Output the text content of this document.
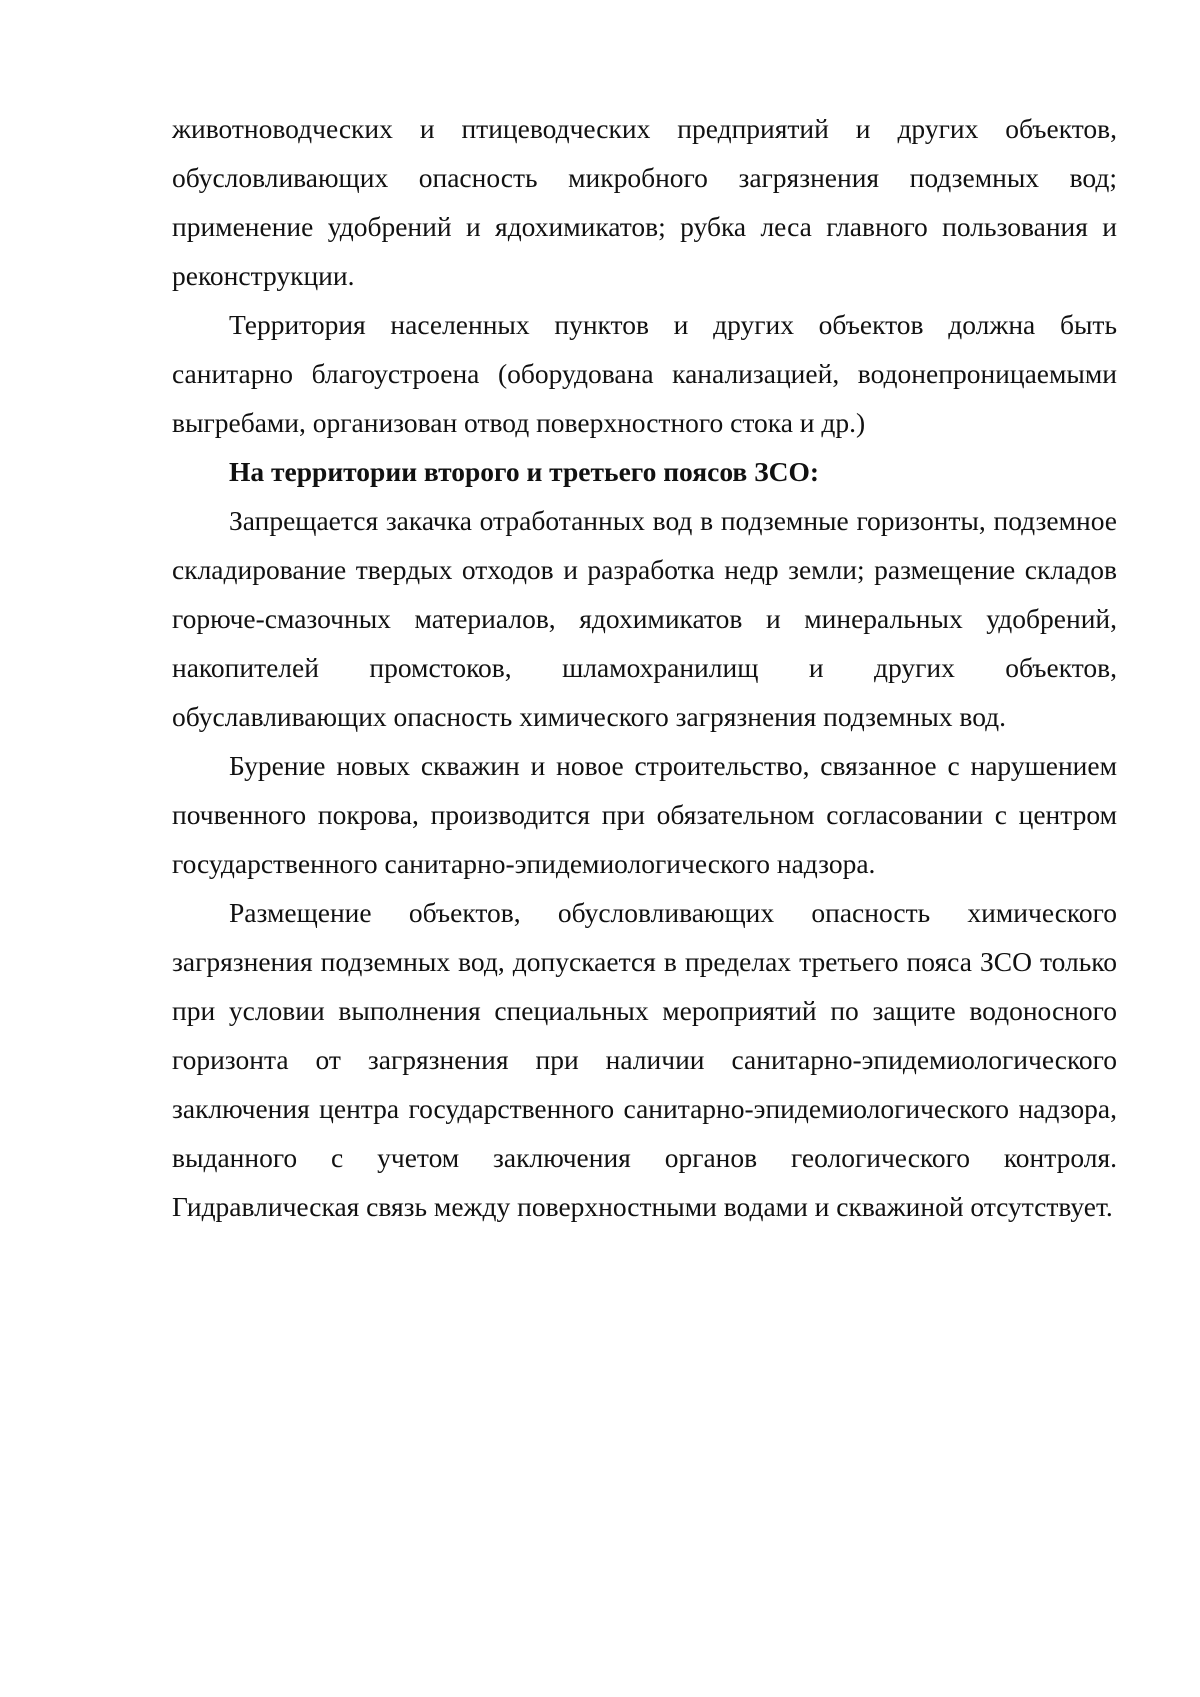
животноводческих и птицеводческих предприятий и других объектов, обусловливающих опасность микробного загрязнения подземных вод; применение удобрений и ядохимикатов; рубка леса главного пользования и реконструкции.

Территория населенных пунктов и других объектов должна быть санитарно благоустроена (оборудована канализацией, водонепроницаемыми выгребами, организован отвод поверхностного стока и др.)

На территории второго и третьего поясов ЗСО:

Запрещается закачка отработанных вод в подземные горизонты, подземное складирование твердых отходов и разработка недр земли; размещение складов горюче-смазочных материалов, ядохимикатов и минеральных удобрений, накопителей промстоков, шламохранилищ и других объектов, обуславливающих опасность химического загрязнения подземных вод.

Бурение новых скважин и новое строительство, связанное с нарушением почвенного покрова, производится при обязательном согласовании с центром государственного санитарно-эпидемиологического надзора.

Размещение объектов, обусловливающих опасность химического загрязнения подземных вод, допускается в пределах третьего пояса ЗСО только при условии выполнения специальных мероприятий по защите водоносного горизонта от загрязнения при наличии санитарно-эпидемиологического заключения центра государственного санитарно-эпидемиологического надзора, выданного с учетом заключения органов геологического контроля. Гидравлическая связь между поверхностными водами и скважиной отсутствует.
